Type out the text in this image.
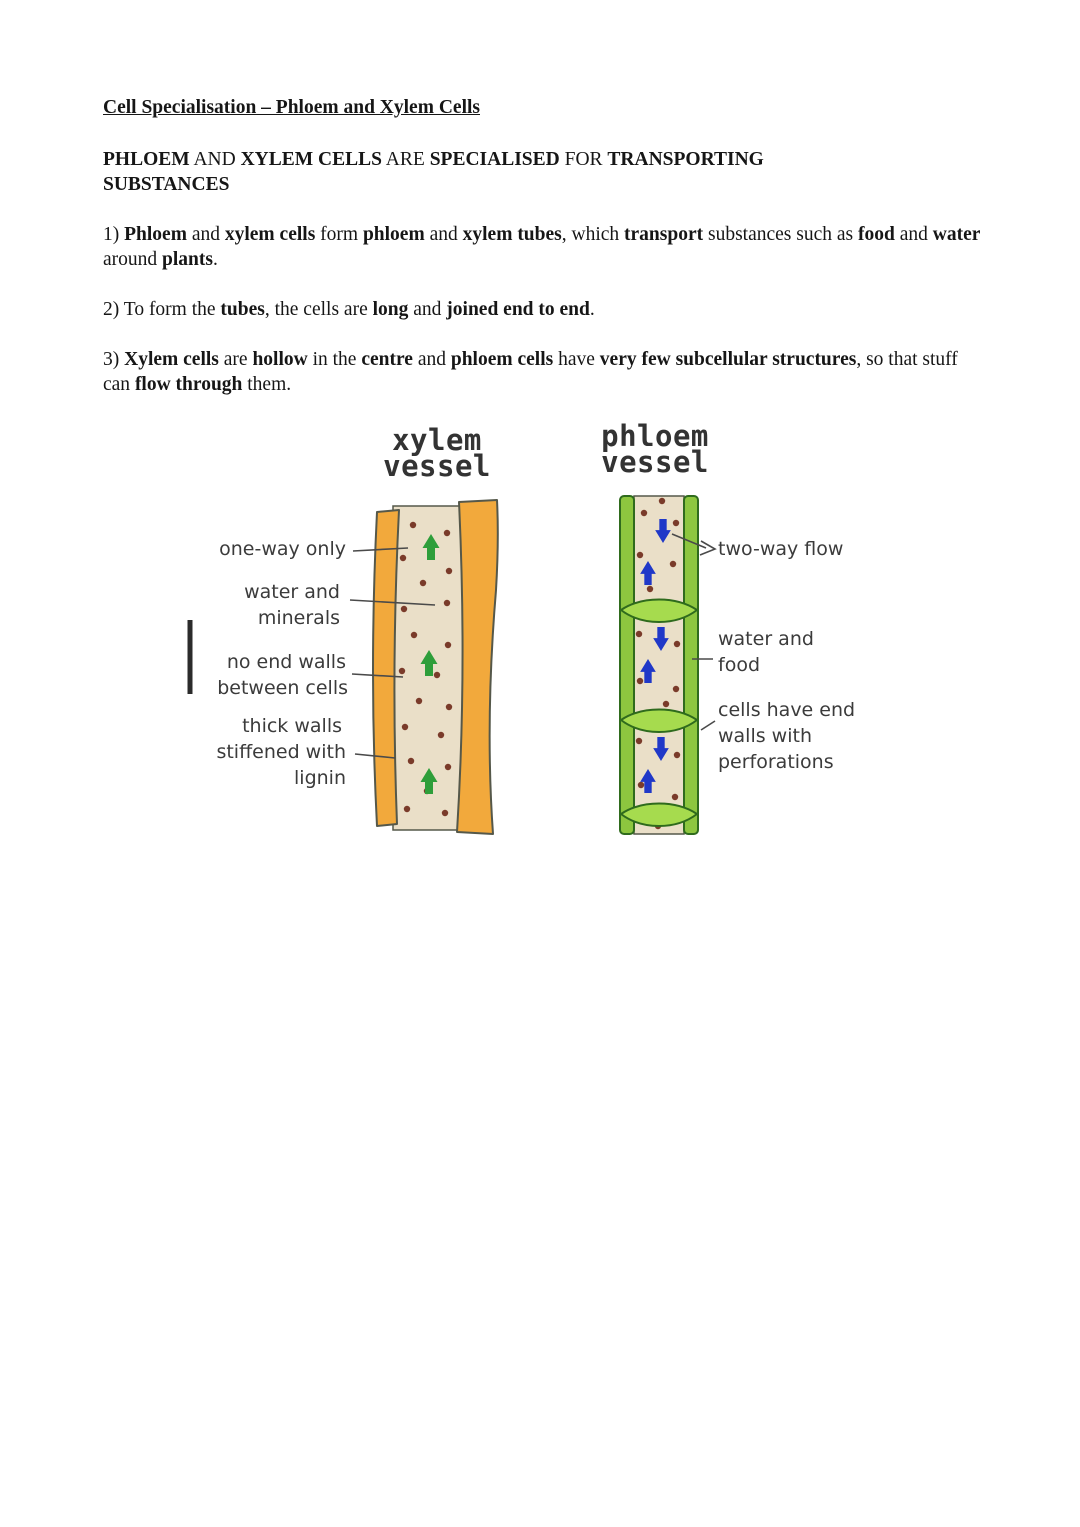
Cell Specialisation – Phloem and Xylem Cells

PHLOEM AND XYLEM CELLS ARE SPECIALISED FOR TRANSPORTING SUBSTANCES

1) Phloem and xylem cells form phloem and xylem tubes, which transport substances such as food and water around plants.

2) To form the tubes, the cells are long and joined end to end.

3) Xylem cells are hollow in the centre and phloem cells have very few subcellular structures, so that stuff can flow through them.

xylem
vessel
phloem
vessel
one-way only
water and
minerals
no end walls
between cells
thick walls
stiffened with
lignin
two-way flow
water and
food
cells have end
walls with
perforations
